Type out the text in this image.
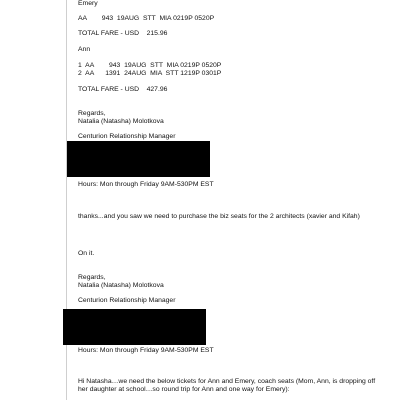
Emery
AA        943  19AUG  STT  MIA 0219P 0520P
TOTAL FARE - USD    215.96
Ann
1  AA        943  19AUG  STT  MIA 0219P 0520P
2  AA      1391  24AUG  MIA  STT 1219P 0301P
TOTAL FARE - USD    427.96
Regards,
Natalia (Natasha) Molotkova
Centurion Relationship Manager
Hours: Mon through Friday 9AM-530PM EST
thanks...and you saw we need to purchase the biz seats for the 2 architects (xavier and Kifah)
On it.
Regards,
Natalia (Natasha) Molotkova
Centurion Relationship Manager
Hours: Mon through Friday 9AM-530PM EST
Hi Natasha…we need the below tickets for Ann and Emery, coach seats (Mom, Ann, is dropping off her daughter at school…so round trip for Ann and one way for Emery):
